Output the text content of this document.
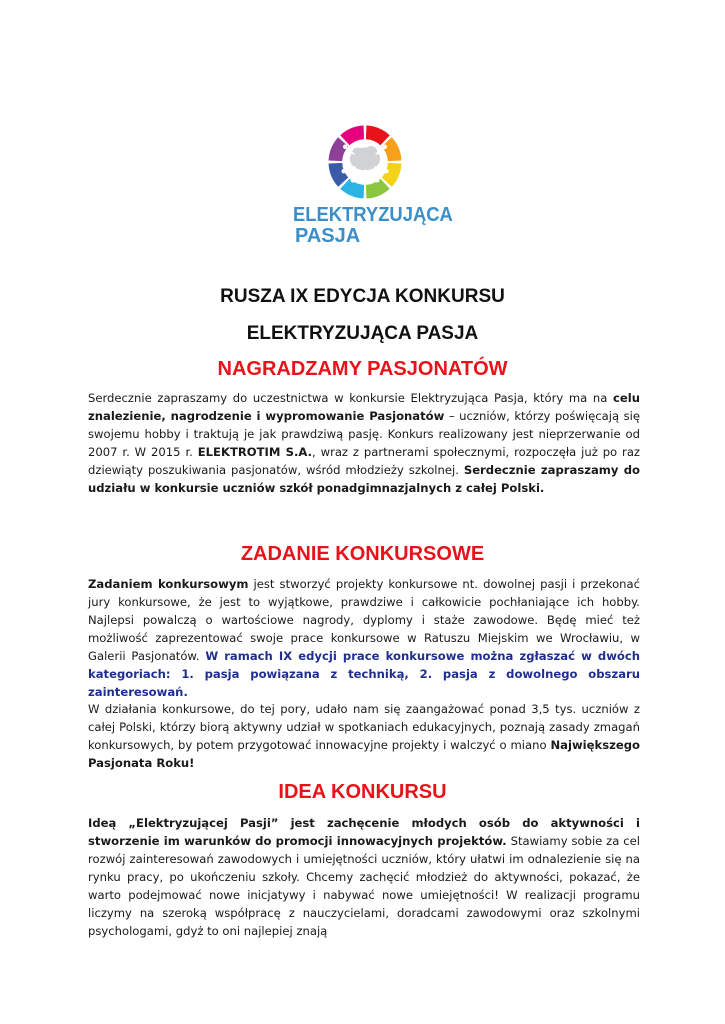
ELEKTRYZUJĄCA
PASJA
RUSZA IX EDYCJA KONKURSU
ELEKTRYZUJĄCA PASJA
NAGRADZAMY PASJONATÓW

Serdecznie zapraszamy do uczestnictwa w konkursie Elektryzująca Pasja, który ma na celu znalezienie, nagrodzenie i wypromowanie Pasjonatów – uczniów, którzy poświęcają się swojemu hobby i traktują je jak prawdziwą pasję. Konkurs realizowany jest nieprzerwanie od 2007 r. W 2015 r. ELEKTROTIM S.A., wraz z partnerami społecznymi, rozpoczęła już po raz dziewiąty poszukiwania pasjonatów, wśród młodzieży szkolnej. Serdecznie zapraszamy do udziału w konkursie uczniów szkół ponadgimnazjalnych z całej Polski.

ZADANIE KONKURSOWE

Zadaniem konkursowym jest stworzyć projekty konkursowe nt. dowolnej pasji i przekonać jury konkursowe, że jest to wyjątkowe, prawdziwe i całkowicie pochłaniające ich hobby. Najlepsi powalczą o wartościowe nagrody, dyplomy i staże zawodowe. Będę mieć też możliwość zaprezentować swoje prace konkursowe w Ratuszu Miejskim we Wrocławiu, w Galerii Pasjonatów. W ramach IX edycji prace konkursowe można zgłaszać w dwóch kategoriach: 1. pasja powiązana z techniką, 2. pasja z dowolnego obszaru zainteresowań.

W działania konkursowe, do tej pory, udało nam się zaangażować ponad 3,5 tys. uczniów z całej Polski, którzy biorą aktywny udział w spotkaniach edukacyjnych, poznają zasady zmagań konkursowych, by potem przygotować innowacyjne projekty i walczyć o miano Największego Pasjonata Roku!

IDEA KONKURSU

Ideą „Elektryzującej Pasji” jest zachęcenie młodych osób do aktywności i stworzenie im warunków do promocji innowacyjnych projektów. Stawiamy sobie za cel rozwój zainteresowań zawodowych i umiejętności uczniów, który ułatwi im odnalezienie się na rynku pracy, po ukończeniu szkoły. Chcemy zachęcić młodzież do aktywności, pokazać, że warto podejmować nowe inicjatywy i nabywać nowe umiejętności! W realizacji programu liczymy na szeroką współpracę z nauczycielami, doradcami zawodowymi oraz szkolnymi psychologami, gdyż to oni najlepiej znają
